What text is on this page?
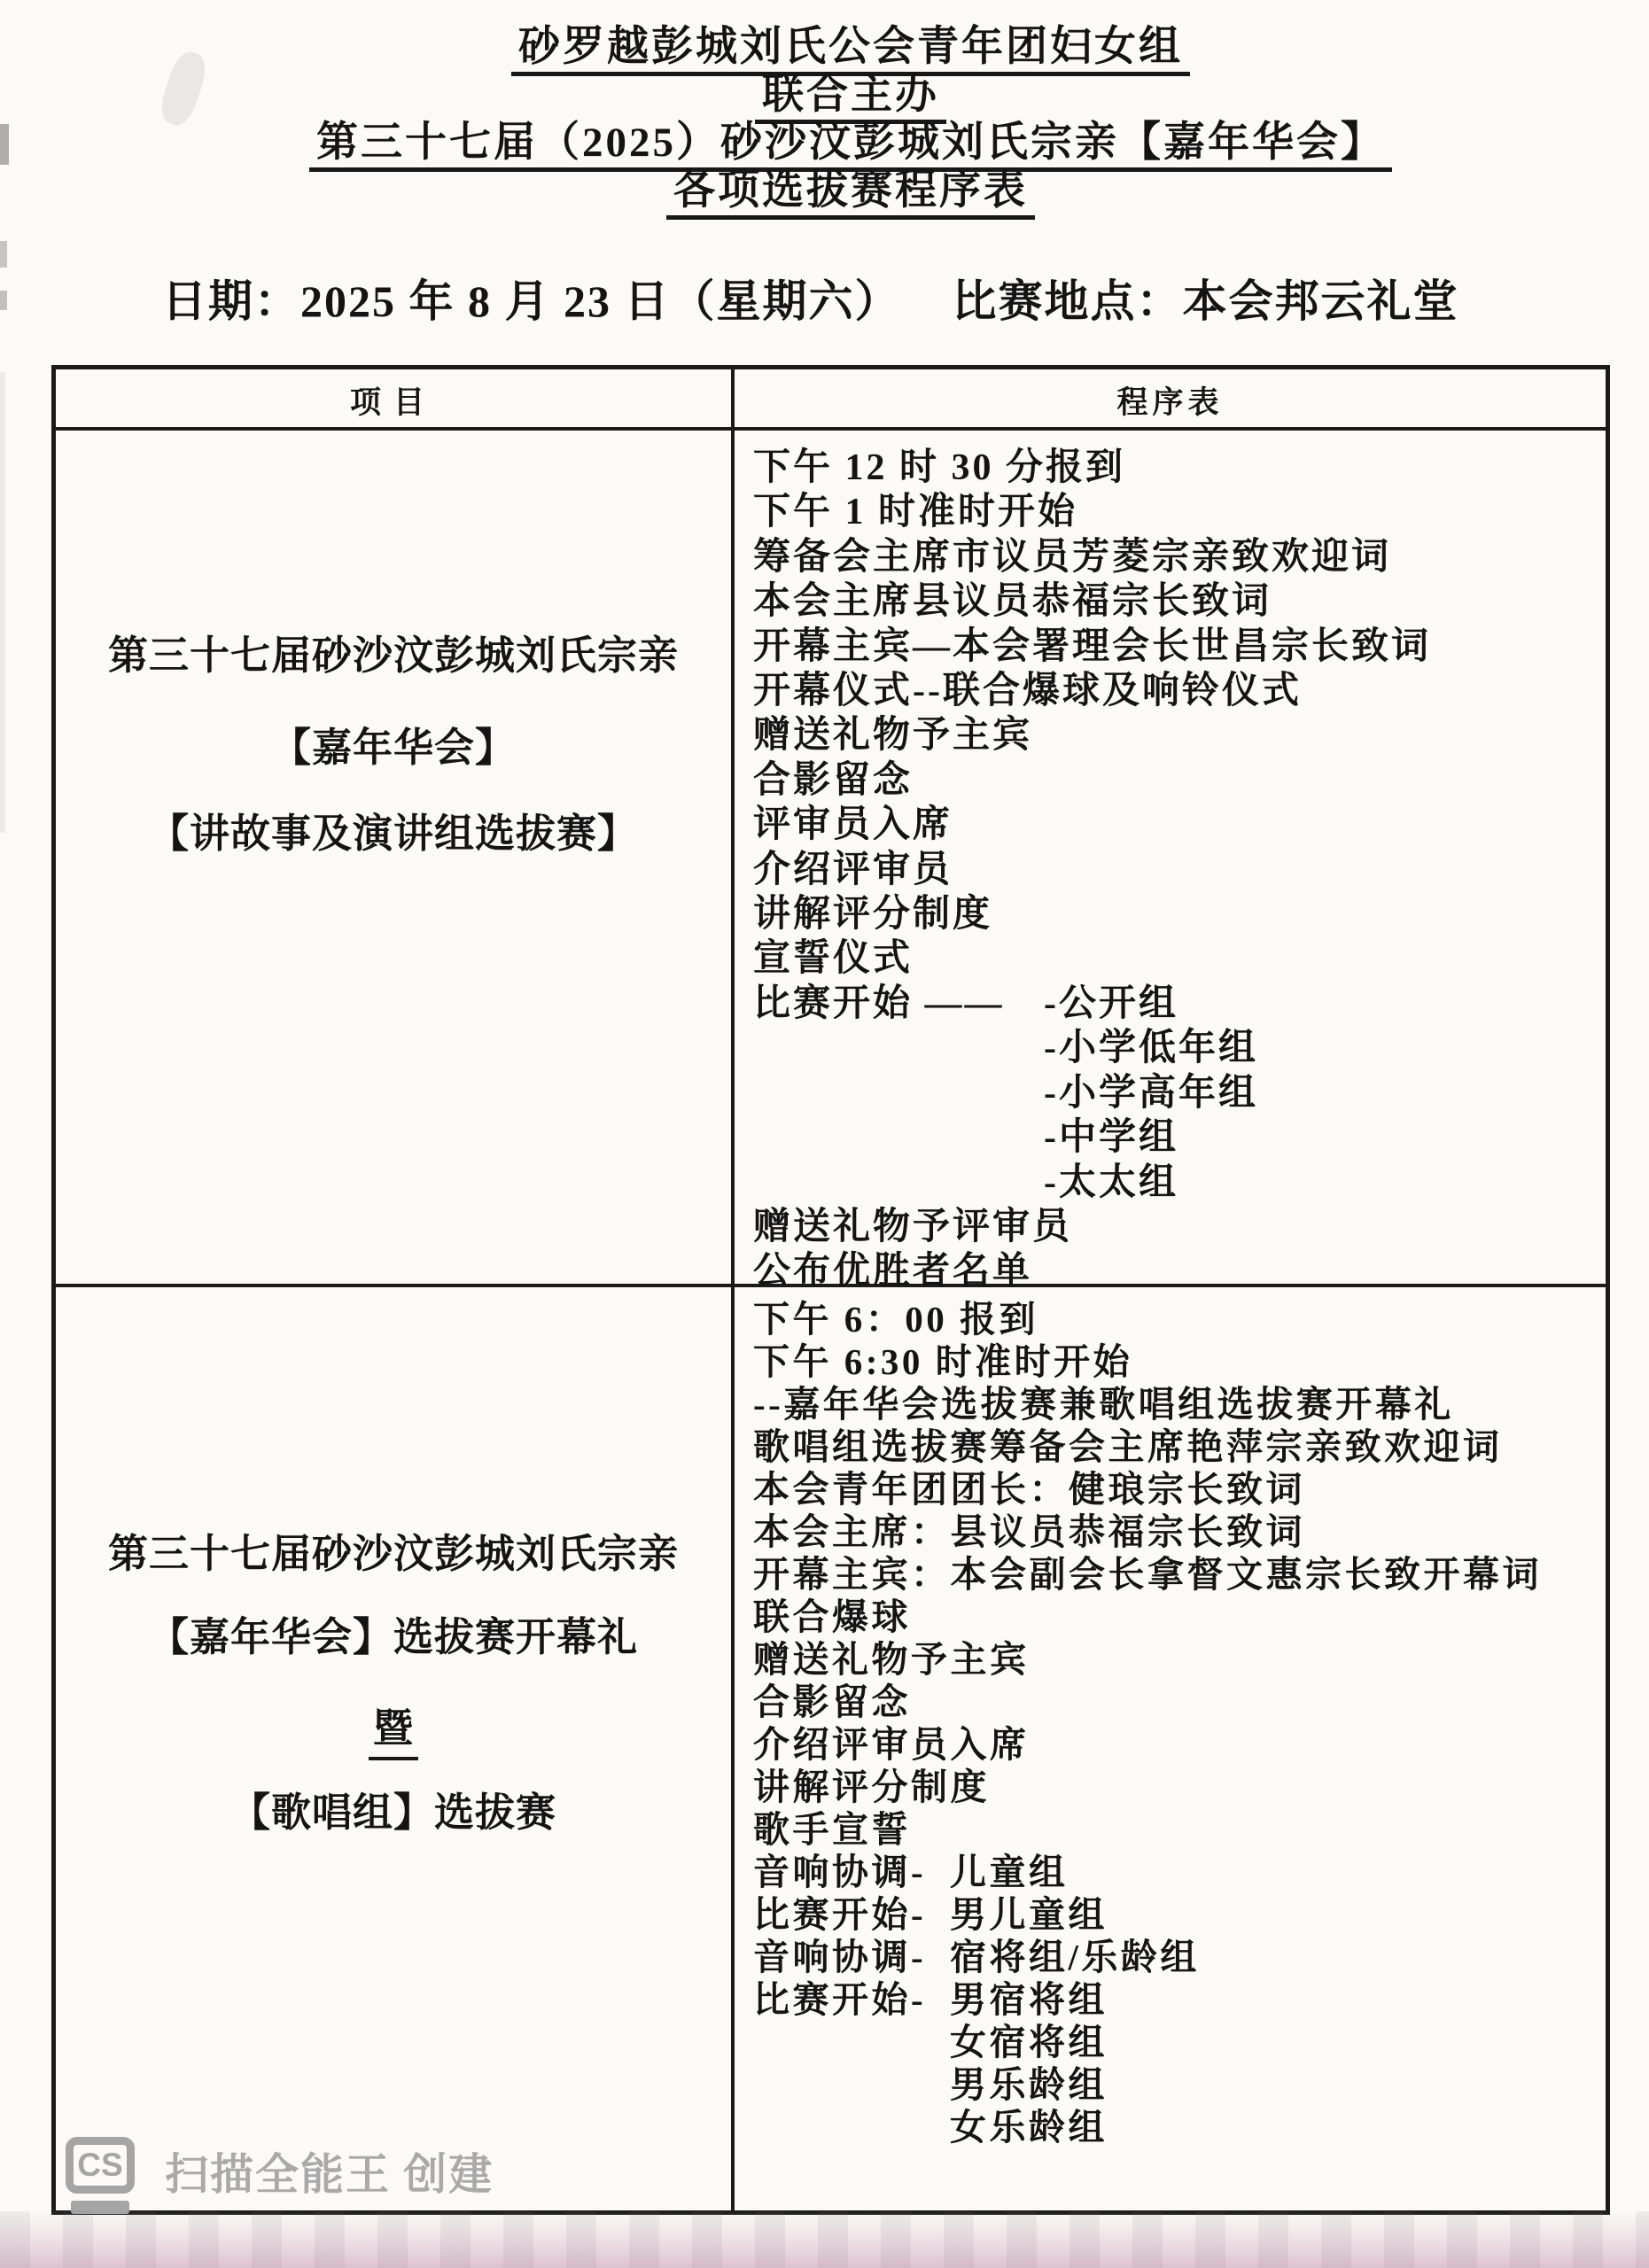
砂罗越彭城刘氏公会青年团妇女组
联合主办
第三十七届（2025）砂沙汶彭城刘氏宗亲【嘉年华会】
各项选拔赛程序表
日期：2025 年 8 月 23 日（星期六） 比赛地点：本会邦云礼堂
项目	程序表
第三十七届砂沙汶彭城刘氏宗亲
【嘉年华会】
【讲故事及演讲组选拔赛】
下午 12 时 30 分报到
下午 1 时准时开始
筹备会主席市议员芳菱宗亲致欢迎词
本会主席县议员恭福宗长致词
开幕主宾—本会署理会长世昌宗长致词
开幕仪式--联合爆球及响铃仪式
赠送礼物予主宾
合影留念
评审员入席
介绍评审员
讲解评分制度
宣誓仪式
比赛开始 —— -公开组

-小学低年组

-小学高年组

-中学组

-太太组

赠送礼物予评审员
公布优胜者名单
第三十七届砂沙汶彭城刘氏宗亲
【嘉年华会】选拔赛开幕礼
暨
【歌唱组】选拔赛
下午 6：00 报到
下午 6:30 时准时开始
--嘉年华会选拔赛兼歌唱组选拔赛开幕礼
歌唱组选拔赛筹备会主席艳萍宗亲致欢迎词
本会青年团团长：健琅宗长致词
本会主席：县议员恭福宗长致词
开幕主宾：本会副会长拿督文惠宗长致开幕词
联合爆球
赠送礼物予主宾
合影留念
介绍评审员入席
讲解评分制度
歌手宣誓
音响协调- 儿童组

比赛开始- 男儿童组

音响协调- 宿将组/乐龄组

比赛开始- 男宿将组

女宿将组

男乐龄组

女乐龄组

CS 扫描全能王 创建
